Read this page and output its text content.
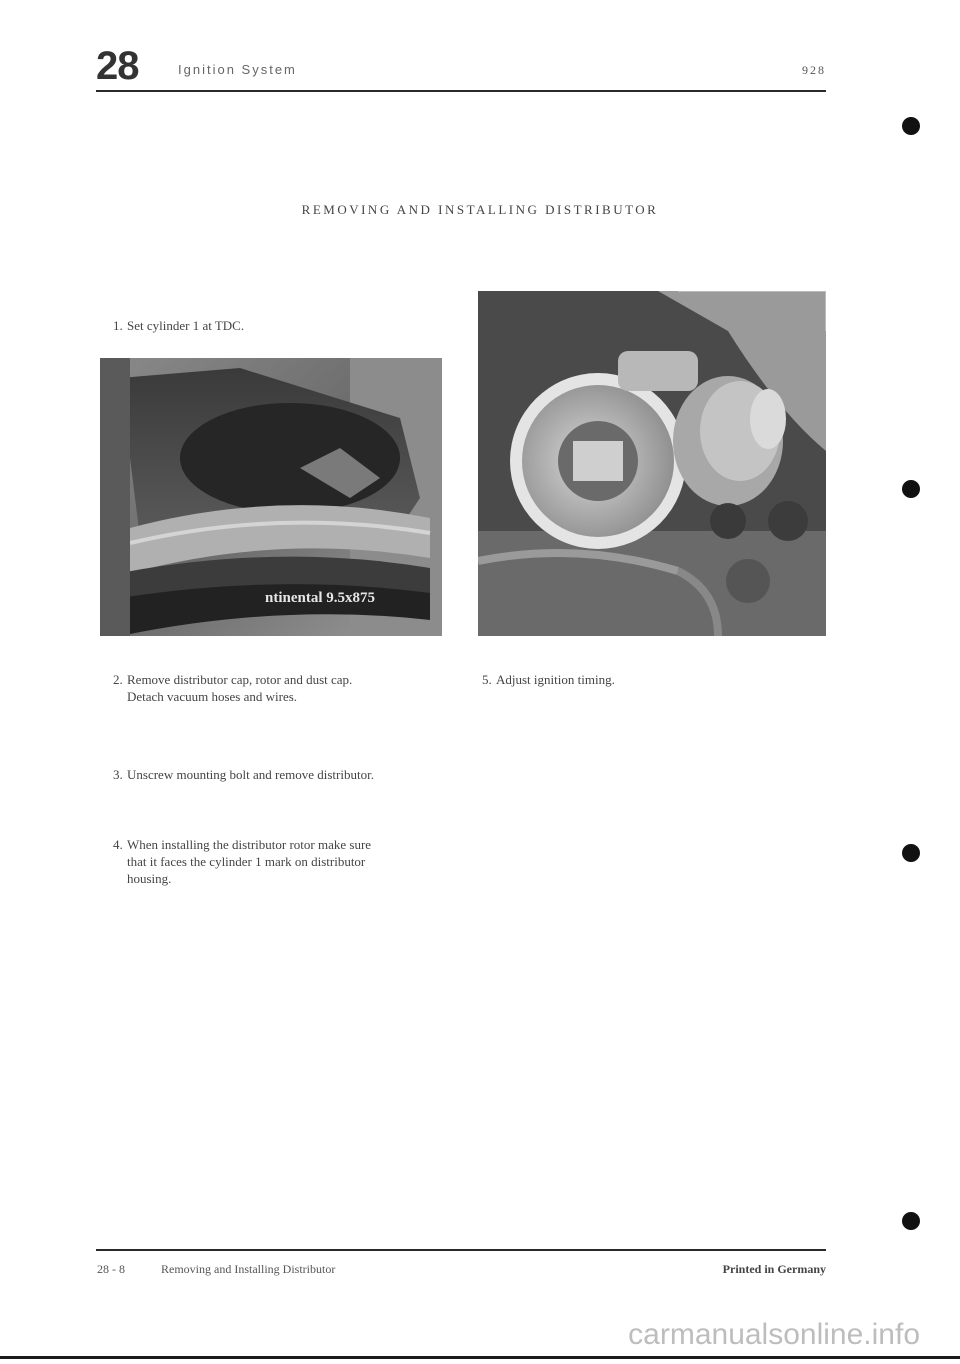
28	Ignition System	928
REMOVING AND INSTALLING DISTRIBUTOR
1. Set cylinder 1 at TDC.
ntinental 9.5x875
2. Remove distributor cap, rotor and dust cap.
Detach vacuum hoses and wires.
5. Adjust ignition timing.
3. Unscrew mounting bolt and remove distributor.
4. When installing the distributor rotor make sure
that it faces the cylinder 1 mark on distributor
housing.
28 - 8	Removing and Installing Distributor	Printed in Germany
carmanualsonline.info
